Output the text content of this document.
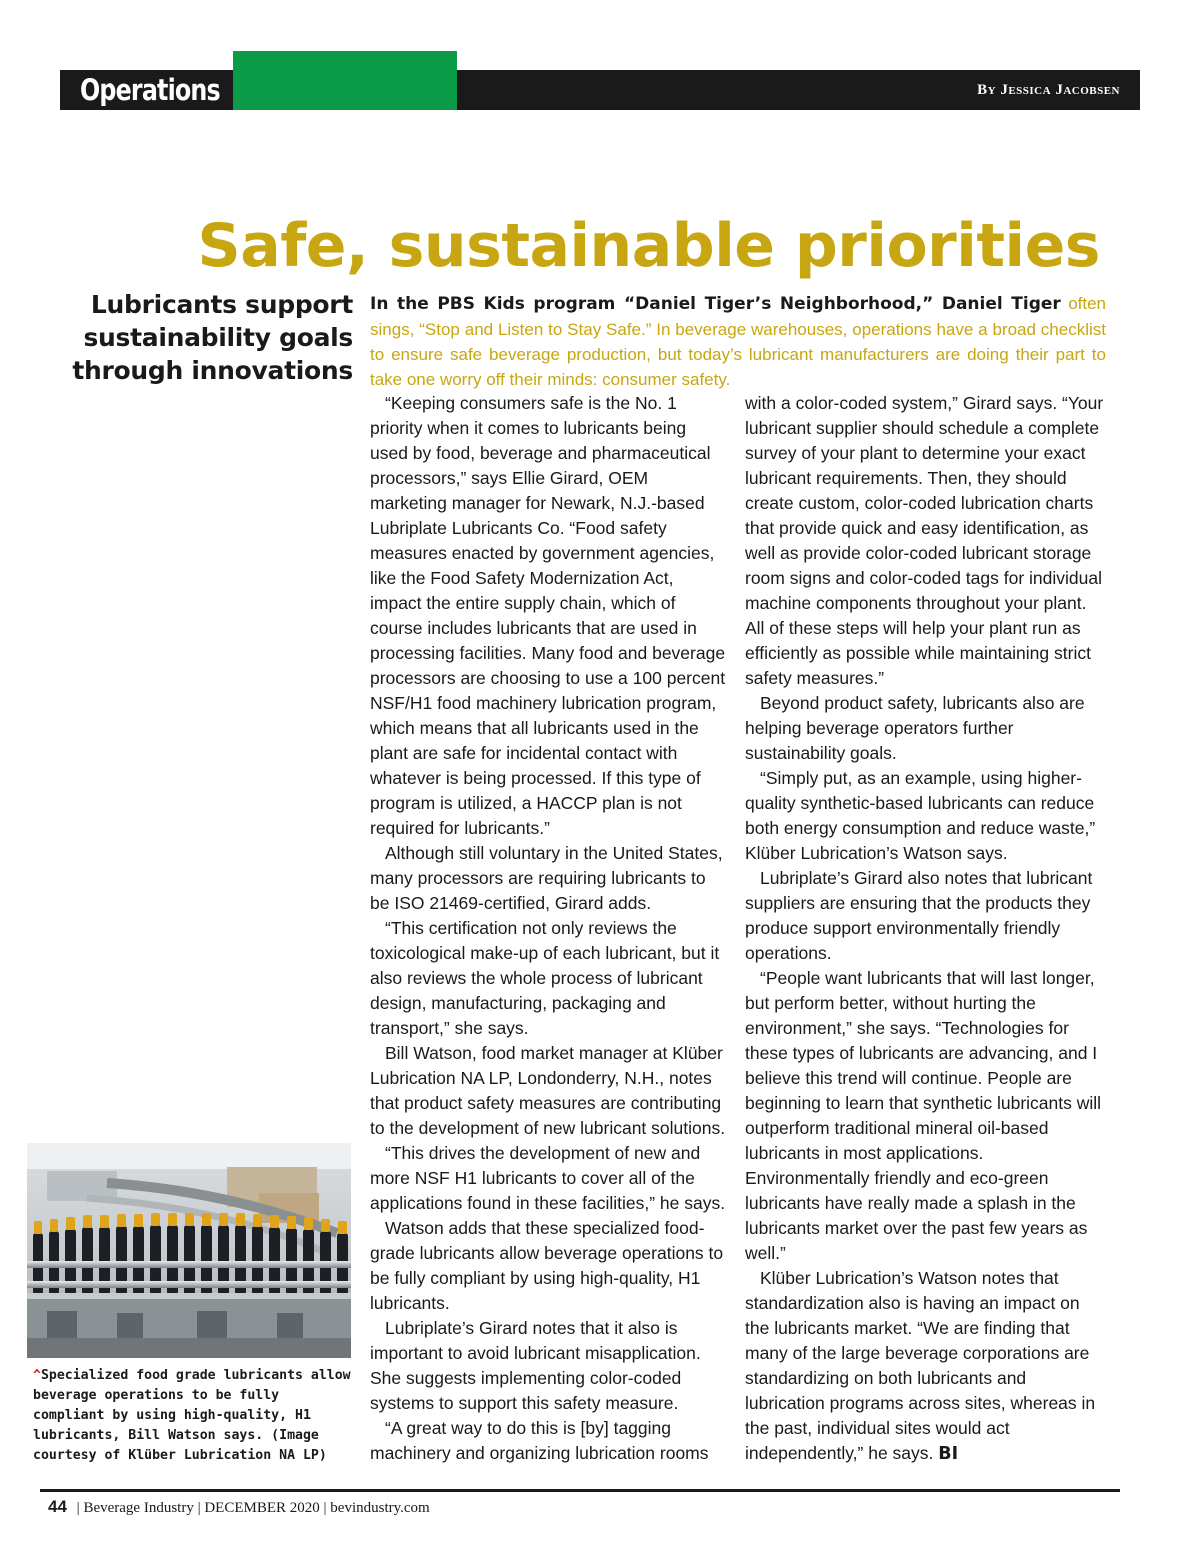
Operations	By Jessica Jacobsen
Safe, sustainable priorities
Lubricants support sustainability goals through innovations
In the PBS Kids program “Daniel Tiger’s Neighborhood,” Daniel Tiger often sings, “Stop and Listen to Stay Safe.” In beverage warehouses, operations have a broad checklist to ensure safe beverage production, but today’s lubricant manufacturers are doing their part to take one worry off their minds: consumer safety.

“Keeping consumers safe is the No. 1 priority when it comes to lubricants being used by food, beverage and pharmaceutical processors,” says Ellie Girard, OEM marketing manager for Newark, N.J.-based Lubriplate Lubricants Co. “Food safety measures enacted by government agencies, like the Food Safety Modernization Act, impact the entire supply chain, which of course includes lubricants that are used in processing facilities. Many food and beverage processors are choosing to use a 100 percent NSF/H1 food machinery lubrication program, which means that all lubricants used in the plant are safe for incidental contact with whatever is being processed. If this type of program is utilized, a HACCP plan is not required for lubricants.”

Although still voluntary in the United States, many processors are requiring lubricants to be ISO 21469-certified, Girard adds.

“This certification not only reviews the toxicological make-up of each lubricant, but it also reviews the whole process of lubricant design, manufacturing, packaging and transport,” she says.

Bill Watson, food market manager at Klüber Lubrication NA LP, Londonderry, N.H., notes that product safety measures are contributing to the development of new lubricant solutions.

“This drives the development of new and more NSF H1 lubricants to cover all of the applications found in these facilities,” he says.

Watson adds that these specialized food-grade lubricants allow beverage operations to be fully compliant by using high-quality, H1 lubricants.

Lubriplate’s Girard notes that it also is important to avoid lubricant misapplication. She suggests implementing color-coded systems to support this safety measure.

“A great way to do this is [by] tagging machinery and organizing lubrication rooms

with a color-coded system,” Girard says. “Your lubricant supplier should schedule a complete survey of your plant to determine your exact lubricant requirements. Then, they should create custom, color-coded lubrication charts that provide quick and easy identification, as well as provide color-coded lubricant storage room signs and color-coded tags for individual machine components throughout your plant. All of these steps will help your plant run as efficiently as possible while maintaining strict safety measures.”

Beyond product safety, lubricants also are helping beverage operators further sustainability goals.

“Simply put, as an example, using higher-quality synthetic-based lubricants can reduce both energy consumption and reduce waste,” Klüber Lubrication’s Watson says.

Lubriplate’s Girard also notes that lubricant suppliers are ensuring that the products they produce support environmentally friendly operations.

“People want lubricants that will last longer, but perform better, without hurting the environment,” she says. “Technologies for these types of lubricants are advancing, and I believe this trend will continue. People are beginning to learn that synthetic lubricants will outperform traditional mineral oil-based lubricants in most applications. Environmentally friendly and eco-green lubricants have really made a splash in the lubricants market over the past few years as well.”

Klüber Lubrication’s Watson notes that standardization also is having an impact on the lubricants market. “We are finding that many of the large beverage corporations are standardizing on both lubricants and lubrication programs across sites, whereas in the past, individual sites would act independently,” he says. BI

^Specialized food grade lubricants allow beverage operations to be fully compliant by using high-quality, H1 lubricants, Bill Watson says. (Image courtesy of Klüber Lubrication NA LP)
44 | Beverage Industry | DECEMBER 2020 | bevindustry.com
